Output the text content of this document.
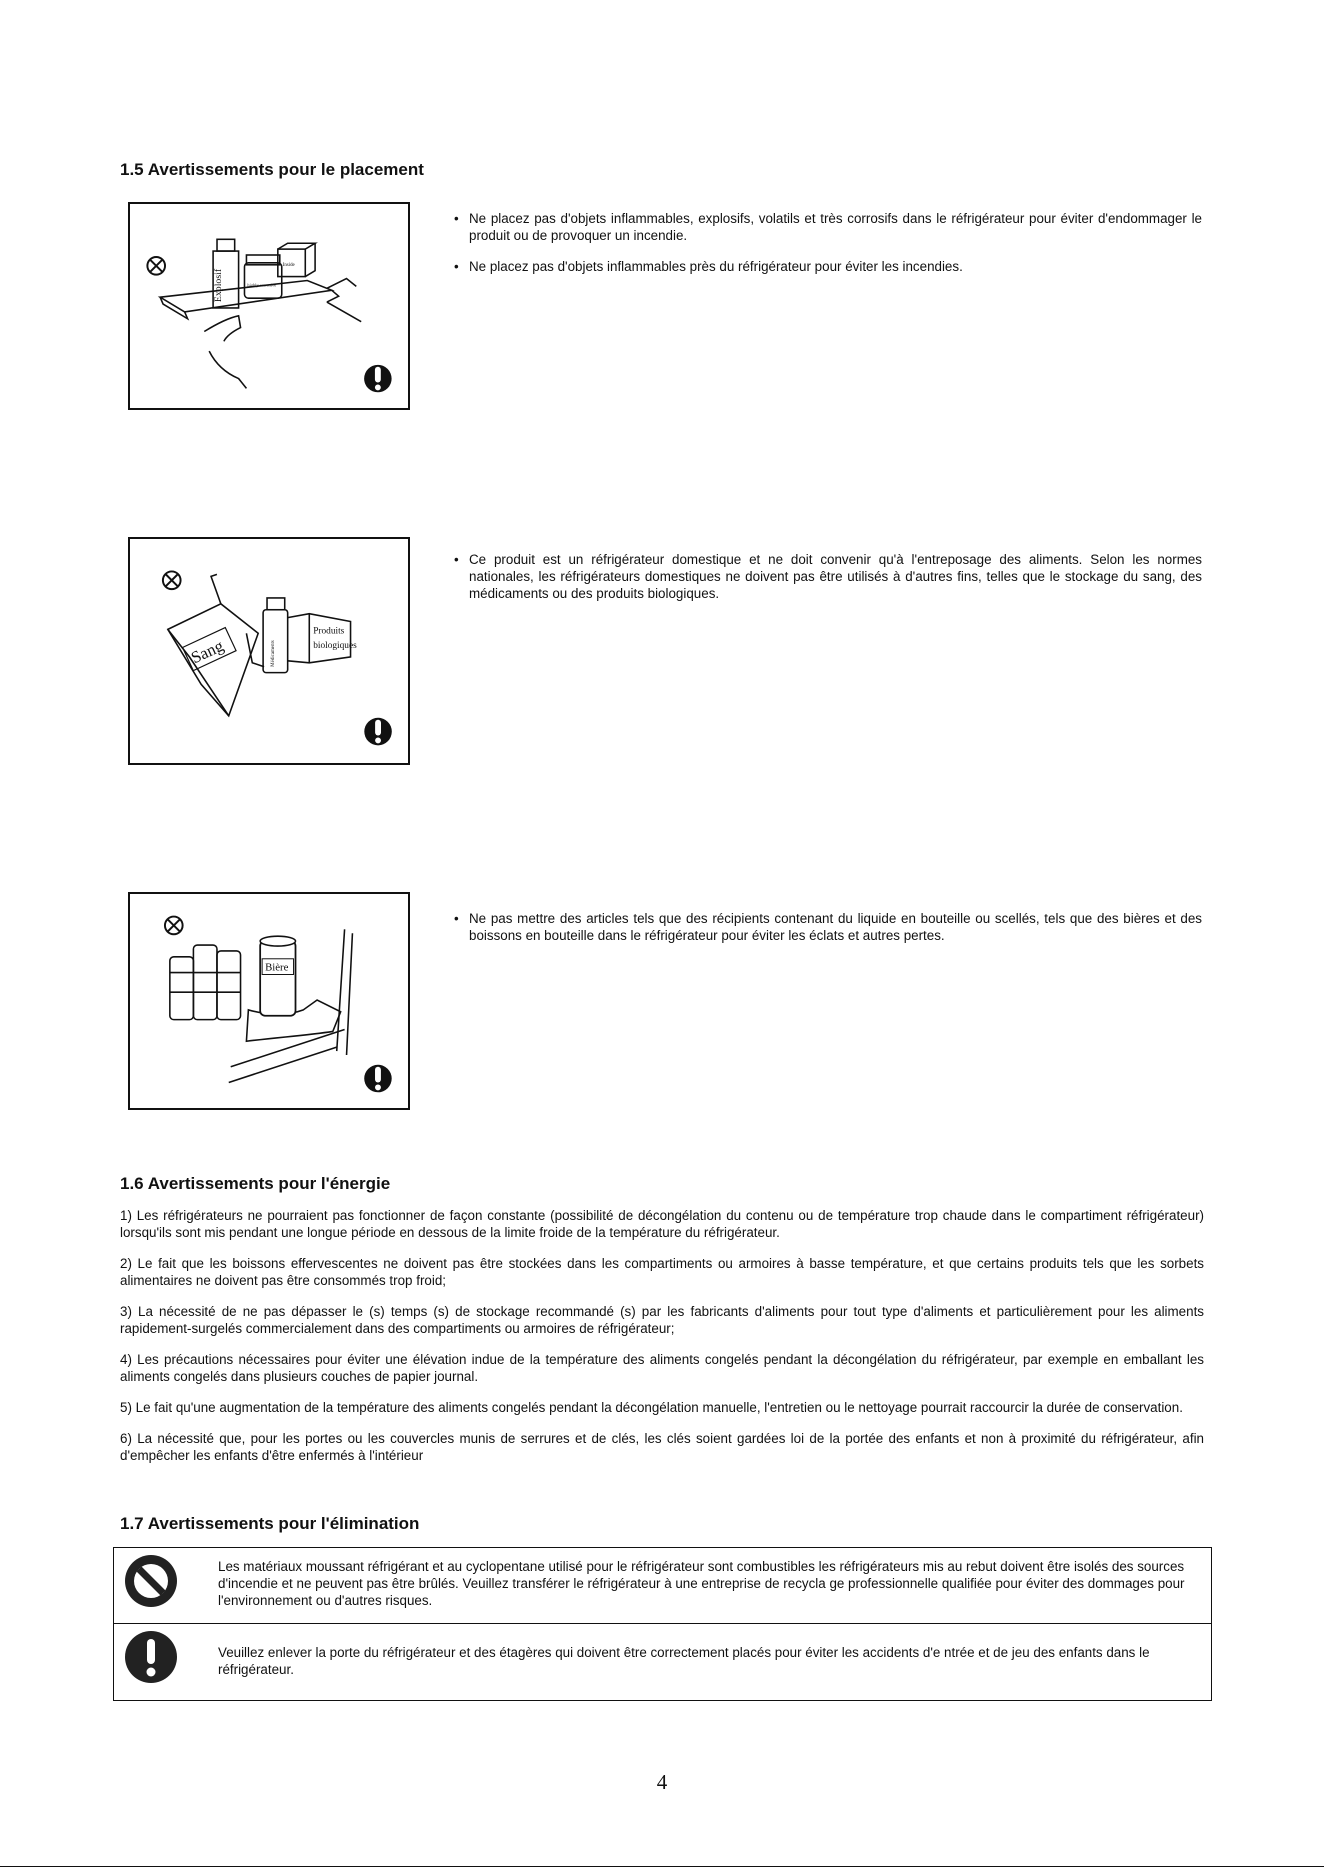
1.5 Avertissements pour le placement
Explosif	highly corrosive
Inside
• Ne placez pas d'objets inflammables, explosifs, volatils et très corrosifs dans le réfrigérateur pour éviter d'endommager le produit ou de provoquer un incendie.
• Ne placez pas d'objets inflammables près du réfrigérateur pour éviter les incendies.
Sang	Médicaments
Produits
biologiques
• Ce produit est un réfrigérateur domestique et ne doit convenir qu'à l'entreposage des aliments. Selon les normes nationales, les réfrigérateurs domestiques ne doivent pas être utilisés à d'autres fins, telles que le stockage du sang, des médicaments ou des produits biologiques.
Bière
• Ne pas mettre des articles tels que des récipients contenant du liquide en bouteille ou scellés, tels que des bières et des boissons en bouteille dans le réfrigérateur pour éviter les éclats et autres pertes.
1.6 Avertissements pour l'énergie

1) Les réfrigérateurs ne pourraient pas fonctionner de façon constante (possibilité de décongélation du contenu ou de température trop chaude dans le compartiment réfrigérateur) lorsqu'ils sont mis pendant une longue période en dessous de la limite froide de la température du réfrigérateur.

2) Le fait que les boissons effervescentes ne doivent pas être stockées dans les compartiments ou armoires à basse température, et que certains produits tels que les sorbets alimentaires ne doivent pas être consommés trop froid;

3) La nécessité de ne pas dépasser le (s) temps (s) de stockage recommandé (s) par les fabricants d'aliments pour tout type d'aliments et particulièrement pour les aliments rapidement-surgelés commercialement dans des compartiments ou armoires de réfrigérateur;

4) Les précautions nécessaires pour éviter une élévation indue de la température des aliments congelés pendant la décongélation du réfrigérateur, par exemple en emballant les aliments congelés dans plusieurs couches de papier journal.

5) Le fait qu'une augmentation de la température des aliments congelés pendant la décongélation manuelle, l'entretien ou le nettoyage pourrait raccourcir la durée de conservation.

6) La nécessité que, pour les portes ou les couvercles munis de serrures et de clés, les clés soient gardées loi de la portée des enfants et non à proximité du réfrigérateur, afin d'empêcher les enfants d'être enfermés à l'intérieur

1.7 Avertissements pour l'élimination
Les matériaux moussant réfrigérant et au cyclopentane utilisé pour le réfrigérateur sont combustibles les réfrigérateurs mis au rebut doivent être isolés des sources d'incendie et ne peuvent pas être brûlés. Veuillez transférer le réfrigérateur à une entreprise de recycla ge professionnelle qualifiée pour éviter des dommages pour l'environnement ou d'autres risques.
Veuillez enlever la porte du réfrigérateur et des étagères qui doivent être correctement placés pour éviter les accidents d'e ntrée et de jeu des enfants dans le réfrigérateur.
4
